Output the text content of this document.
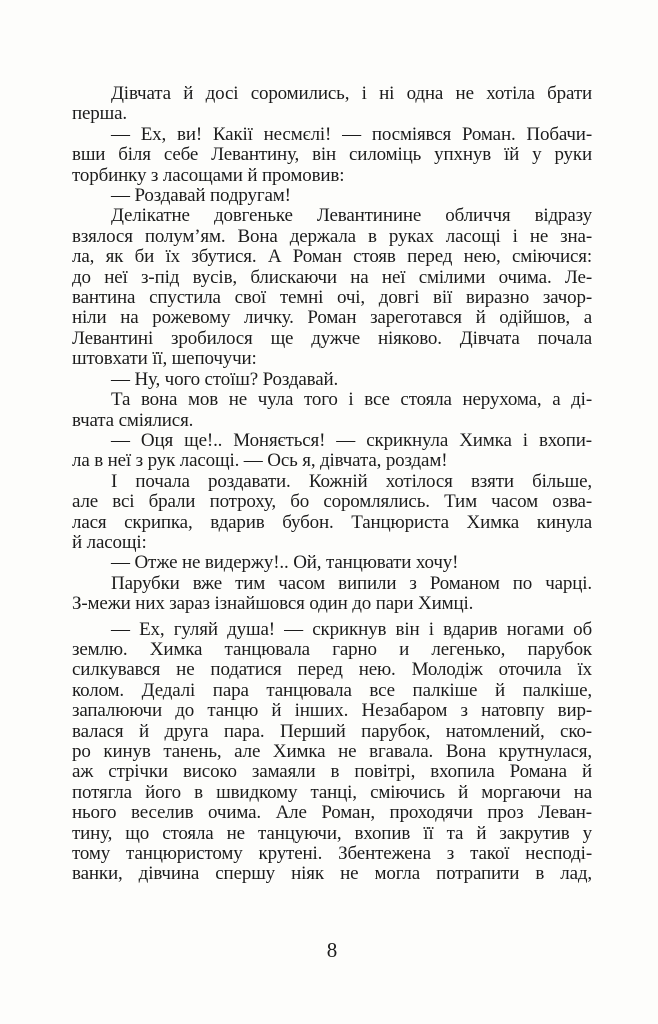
Дівчата й досі соромились, і ні одна не хотіла брати
перша.
— Ех, ви! Какії несмєлі! — посміявся Роман. Побачи-
вши біля себе Левантину, він силоміць упхнув їй у руки
торбинку з ласощами й промовив:
— Роздавай подругам!
Делікатне довгеньке Левантинине обличчя відразу
взялося полум’ям. Вона держала в руках ласощі і не зна-
ла, як би їх збутися. А Роман стояв перед нею, сміючися:
до неї з-під вусів, блискаючи на неї смілими очима. Ле-
вантина спустила свої темні очі, довгі вії виразно зачор-
ніли на рожевому личку. Роман зареготався й одійшов, а
Левантині зробилося ще дужче ніяково. Дівчата почала
штовхати її, шепочучи:
— Ну, чого стоїш? Роздавай.
Та вона мов не чула того і все стояла нерухома, а ді-
вчата сміялися.
— Оця ще!.. Моняється! — скрикнула Химка і вхопи-
ла в неї з рук ласощі. — Ось я, дівчата, роздам!
І почала роздавати. Кожній хотілося взяти більше,
але всі брали потроху, бо соромлялись. Тим часом озва-
лася скрипка, вдарив бубон. Танцюриста Химка кинула
й ласощі:
— Отже не видержу!.. Ой, танцювати хочу!
Парубки вже тим часом випили з Романом по чарці.
З-межи них зараз ізнайшовся один до пари Химці.
— Ех, гуляй душа! — скрикнув він і вдарив ногами об
землю. Химка танцювала гарно и легенько, парубок
силкувався не податися перед нею. Молодіж оточила їх
колом. Дедалі пара танцювала все палкіше й палкіше,
запалюючи до танцю й інших. Незабаром з натовпу вир-
валася й друга пара. Перший парубок, натомлений, ско-
ро кинув танень, але Химка не вгавала. Вона крутнулася,
аж стрічки високо замаяли в повітрі, вхопила Романа й
потягла його в швидкому танці, сміючись й моргаючи на
нього веселив очима. Але Роман, проходячи проз Леван-
тину, що стояла не танцуючи, вхопив її та й закрутив у
тому танцюристому крутені. Збентежена з такої несподі-
ванки, дівчина спершу ніяк не могла потрапити в лад,
8
